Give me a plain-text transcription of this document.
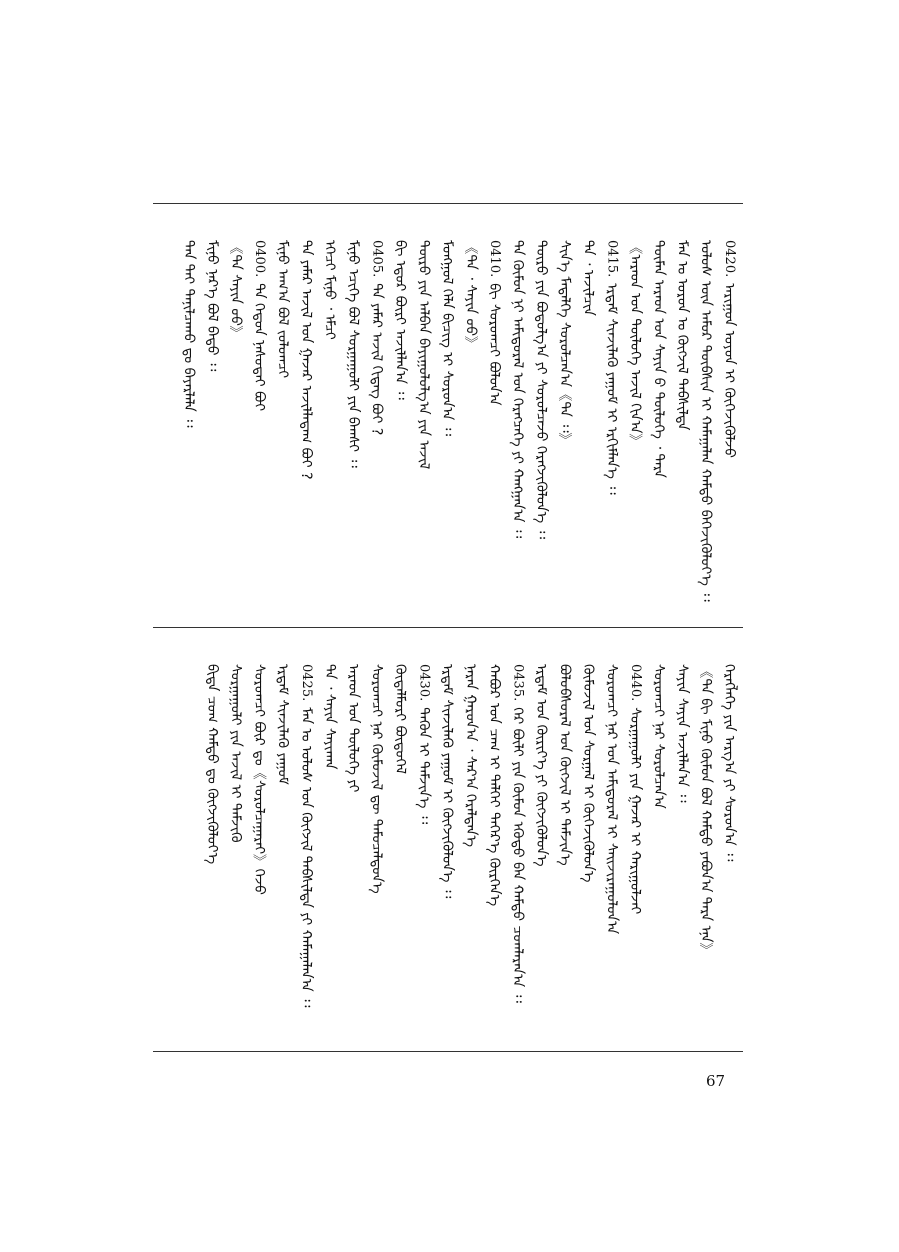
0420.ᠠᠷᠢᠭᠤᠨ ᠣᠶᠤᠨ ᠢ ᠬᠥᠬᠡᠵᠢᠭᠦᠯᠵᠦ
ᠤᠯᠤᠰ ᠦᠨ ᠠᠮᠤᠷ ᠲᠦᠪᠰᠢᠨ ᠢ ᠬᠠᠮᠠᠭᠠᠯᠠᠨ ᠬᠠᠮᠲᠤ ᠪᠡᠬᠡᠵᠢᠭᠦᠯᠦᠶ᠎ᠡ ᠄᠄
ᠮᠠᠨ ᠤ ᠣᠷᠣᠨ ᠤ ᠬᠥᠭᠵᠢᠯ ᠳᠡᠪᠰᠢᠯᠲᠡ
ᠲᠦᠮᠡᠨ ᠠᠷᠠᠳ ᠤᠨ ᠰᠠᠶᠢᠨ ᠤ᠋ ᠳᠦᠯᠦᠭᠡ ᠂ ᠲᠡᠷᠡ
《ᠠᠷᠠᠳ ᠤᠨ ᠲᠥᠯᠦᠭᠡ ᠠᠵᠢᠯ ᠬᠢᠨ᠎ᠠ》
0415.ᠡᠷᠳᠡᠮ ᠰᠢᠨᠵᠢᠯᠡᠬᠦ ᠶᠠᠭᠤᠮ ᠢ ᠡᠷᠬᠢᠮᠯᠡᠨ᠎ᠡ ᠄᠄
ᠲᠡ ᠂ ᠠᠵᠢᠯᠴᠢᠨ
ᠰᠢᠨ᠎ᠡ ᠮᠡᠳᠡᠯᠭᠡ ᠰᠤᠷᠤᠯᠴᠠᠨ᠎ᠠ《ᠲᠡ ᠄᠄》
ᠲᠥᠷᠥ ᠶᠢᠨ ᠪᠣᠳᠣᠯᠭ᠎ᠠ ᠶᠢ ᠰᠤᠷᠤᠯᠴᠠᠵᠤ ᠬᠡᠷᠡᠭᠵᠢᠭᠦᠯᠦᠨ᠎ᠡ ᠄᠄
ᠲᠡ ᠬᠦᠮᠦᠨ ᠨᠢ ᠠᠮᠢᠳᠤᠷᠠᠯ ᠤᠨ ᠬᠡᠷᠡᠭᠴᠡᠭᠡ ᠶᠢ ᠬᠠᠩᠭᠠᠨ᠎ᠠ ᠄᠄
0410.ᠪᠢ ᠰᠤᠷᠤᠭᠴᠢ ᠪᠣᠯᠤᠨ᠎ᠠ
《ᠲᠡ ᠂ ᠰᠠᠶᠢᠨ ᠤᠤ》
ᠮᠣᠩᠭᠣᠯ ᠬᠡᠯᠡ ᠪᠢᠴᠢᠭ ᠢ ᠰᠤᠷᠤᠨ᠎ᠠ ᠄᠄
ᠲᠥᠷᠥ ᠶᠢᠨ ᠠᠯᠪᠠᠨ ᠪᠠᠶᠢᠭᠤᠯᠤᠯᠭ᠎ᠠ ᠶᠢᠨ ᠠᠵᠢᠯ
ᠪᠢ ᠡᠳᠦᠷ ᠪᠦᠷᠢ ᠠᠵᠢᠯᠯᠠᠨ᠎ᠠ ᠄᠄
0405.ᠲᠠ ᠶᠠᠮᠠᠷ ᠠᠵᠢᠯ ᠬᠢᠳᠡᠭ ᠪᠤᠢ ?
ᠮᠢᠨᠦ ᠡᠴᠢᠭᠡ ᠪᠣᠯ ᠰᠤᠷᠭᠠᠭᠤᠯᠢ ᠶᠢᠨ ᠪᠠᠭᠰᠢ ᠄᠄
ᠡᠭᠡᠴᠢ ᠮᠢᠨᠦ ᠂ ᠡᠮᠴᠢ
ᠲᠡ ᠶᠠᠮᠠᠷ ᠠᠵᠢᠯ ᠤᠨ ᠭᠠᠵᠠᠷ ᠠᠵᠢᠯᠯᠠᠳᠠᠭ ᠪᠤᠢ ?
ᠮᠢᠨᠦ ᠠᠬ᠎ᠠ ᠪᠣᠯ ᠵᠣᠯᠣᠭᠴᠢ
0400.ᠲᠠ ᠬᠡᠳᠦᠨ ᠨᠠᠰᠤᠲᠠᠢ ᠪᠤᠢ
《ᠲᠠ ᠰᠠᠶᠢᠨ ᠤᠤ》
ᠮᠢᠨᠦ ᠨᠡᠷ᠎ᠡ ᠪᠣᠯ ᠪᠠᠲᠤ ᠄᠄
ᠲᠠᠨ ᠲᠠᠢ ᠲᠠᠨᠢᠯᠴᠠᠬᠤ ᠳᠤ ᠪᠠᠶᠠᠷᠯᠠᠯᠠ ᠄᠄
ᠬᠡᠷᠡᠭᠯᠡᠭᠡ ᠶᠢᠨ ᠠᠷᠭ᠎ᠠ ᠶᠢ ᠰᠤᠷᠤᠨ᠎ᠠ ᠄᠄
《ᠲᠡ ᠪᠢ ᠮᠢᠨᠦ ᠬᠦᠮᠦᠨ ᠪᠤᠯ ᠬᠠᠮᠲᠤ ᠶᠠᠪᠤᠨ᠎ᠠ ᠲᠡᠷᠡ ᠡᠨᠡ》
ᠰᠠᠶᠢᠨ ᠰᠠᠶᠢᠨ ᠠᠵᠢᠯᠯᠠᠨ᠎ᠠ ᠄᠄
ᠰᠤᠷᠤᠭᠴᠢ ᠨᠠᠷ ᠰᠤᠷᠤᠯᠴᠠᠨ᠎ᠠ
0440.ᠰᠤᠷᠭᠠᠭᠤᠯᠢ ᠶᠢᠨ ᠭᠠᠵᠠᠷ ᠢ ᠬᠠᠷᠢᠭᠤᠯᠵᠠᠢ
ᠰᠤᠷᠤᠭᠴᠢ ᠨᠠᠷ ᠤᠨ ᠠᠮᠢᠳᠤᠷᠠᠯ ᠢ ᠰᠠᠢᠵᠢᠷᠠᠭᠤᠯᠤᠨ᠎ᠠ
ᠬᠦᠮᠦᠵᠢᠯ ᠤᠨ ᠰᠤᠷᠭᠠᠯ ᠢ ᠬᠥᠬᠡᠵᠢᠭᠦᠯᠦᠨ᠎ᠡ
ᠪᠣᠯᠣᠪᠰᠤᠷᠠᠯ ᠤᠨ ᠬᠥᠭᠵᠢᠯ ᠢ ᠳᠡᠮᠵᠢᠨ᠎ᠡ
ᠡᠷᠳᠡᠮ ᠤᠨ ᠬᠦᠷᠢᠶ᠎ᠡ ᠶᠢ ᠬᠥᠭᠵᠢᠭᠦᠯᠦᠨ᠎ᠡ
0435.ᠭᠡᠷ ᠪᠦᠯᠢ ᠶᠢᠨ ᠬᠦᠮᠦᠨ ᠡᠭᠦᠳᠦ ᠪᠡᠨ ᠬᠠᠮᠲᠤ ᠴᠤᠭᠯᠠᠷᠠᠨ᠎ᠠ ᠄᠄
ᠬᠠᠪᠤᠷ ᠤᠨ ᠴᠠᠭ ᠢ ᠳᠡᠯᠬᠡᠶ ᠳᠡᠭᠡᠷ᠎ᠡ ᠬᠦᠷᠭᠡᠨ᠎ᠡ
ᠨᠠᠷᠠᠨ ᠭᠠᠷᠤᠨ᠎ᠠ ᠂ ᠰᠠᠷ᠎ᠠ ᠭᠡᠷᠡᠯᠲᠡᠨ᠎ᠡ
ᠡᠷᠳᠡᠮ ᠰᠢᠨᠵᠢᠯᠡᠬᠦ ᠶᠠᠭᠤᠮ ᠢ ᠬᠥᠭᠵᠢᠭᠦᠯᠦᠨ᠎ᠡ ᠄᠄
0430.ᠲᠡᠭᠦᠨ ᠢ ᠳᠡᠮᠵᠢᠨ᠎ᠡ ᠄᠄
ᠬᠥᠳᠡᠯᠮᠦᠷᠢ ᠪᠦᠲᠦᠭᠡᠯ
ᠰᠤᠷᠤᠭᠴᠢ ᠨᠠᠷ ᠬᠦᠮᠦᠵᠢᠯ ᠳᠦ ᠲᠡᠮᠦᠴᠡᠯᠳᠦᠨ᠎ᠡ
ᠠᠷᠠᠳ ᠤᠨ ᠲᠥᠯᠦᠭᠡ ᠶᠢ
ᠲᠡ ᠂ ᠰᠠᠶᠢᠨ ᠰᠠᠶᠢᠬᠠᠨ
0425.ᠮᠠᠨ ᠤ ᠤᠯᠤᠰ ᠤᠨ ᠬᠥᠭᠵᠢᠯ ᠳᠡᠪᠰᠢᠯᠲᠡ ᠶᠢ ᠬᠠᠮᠠᠭᠠᠯᠠᠨ᠎ᠠ ᠄᠄
ᠡᠷᠳᠡᠮ ᠰᠢᠨᠵᠢᠯᠡᠬᠦ ᠶᠠᠭᠤᠮ
ᠰᠤᠷᠤᠭᠴᠢ ᠪᠦᠷ ᠳᠤ《ᠰᠤᠷᠤᠯᠴᠠᠭᠠᠷᠠᠢ》ᠬᠡᠵᠦ
ᠰᠤᠷᠭᠠᠭᠤᠯᠢ ᠶᠢᠨ ᠠᠵᠢᠯ ᠢ ᠳᠡᠮᠵᠢᠬᠦ
ᠪᠢᠳᠡ ᠴᠤᠭ ᠬᠠᠮᠲᠤ ᠳᠤ ᠬᠥᠭᠵᠢᠭᠦᠯᠦᠶ᠎ᠡ
67
